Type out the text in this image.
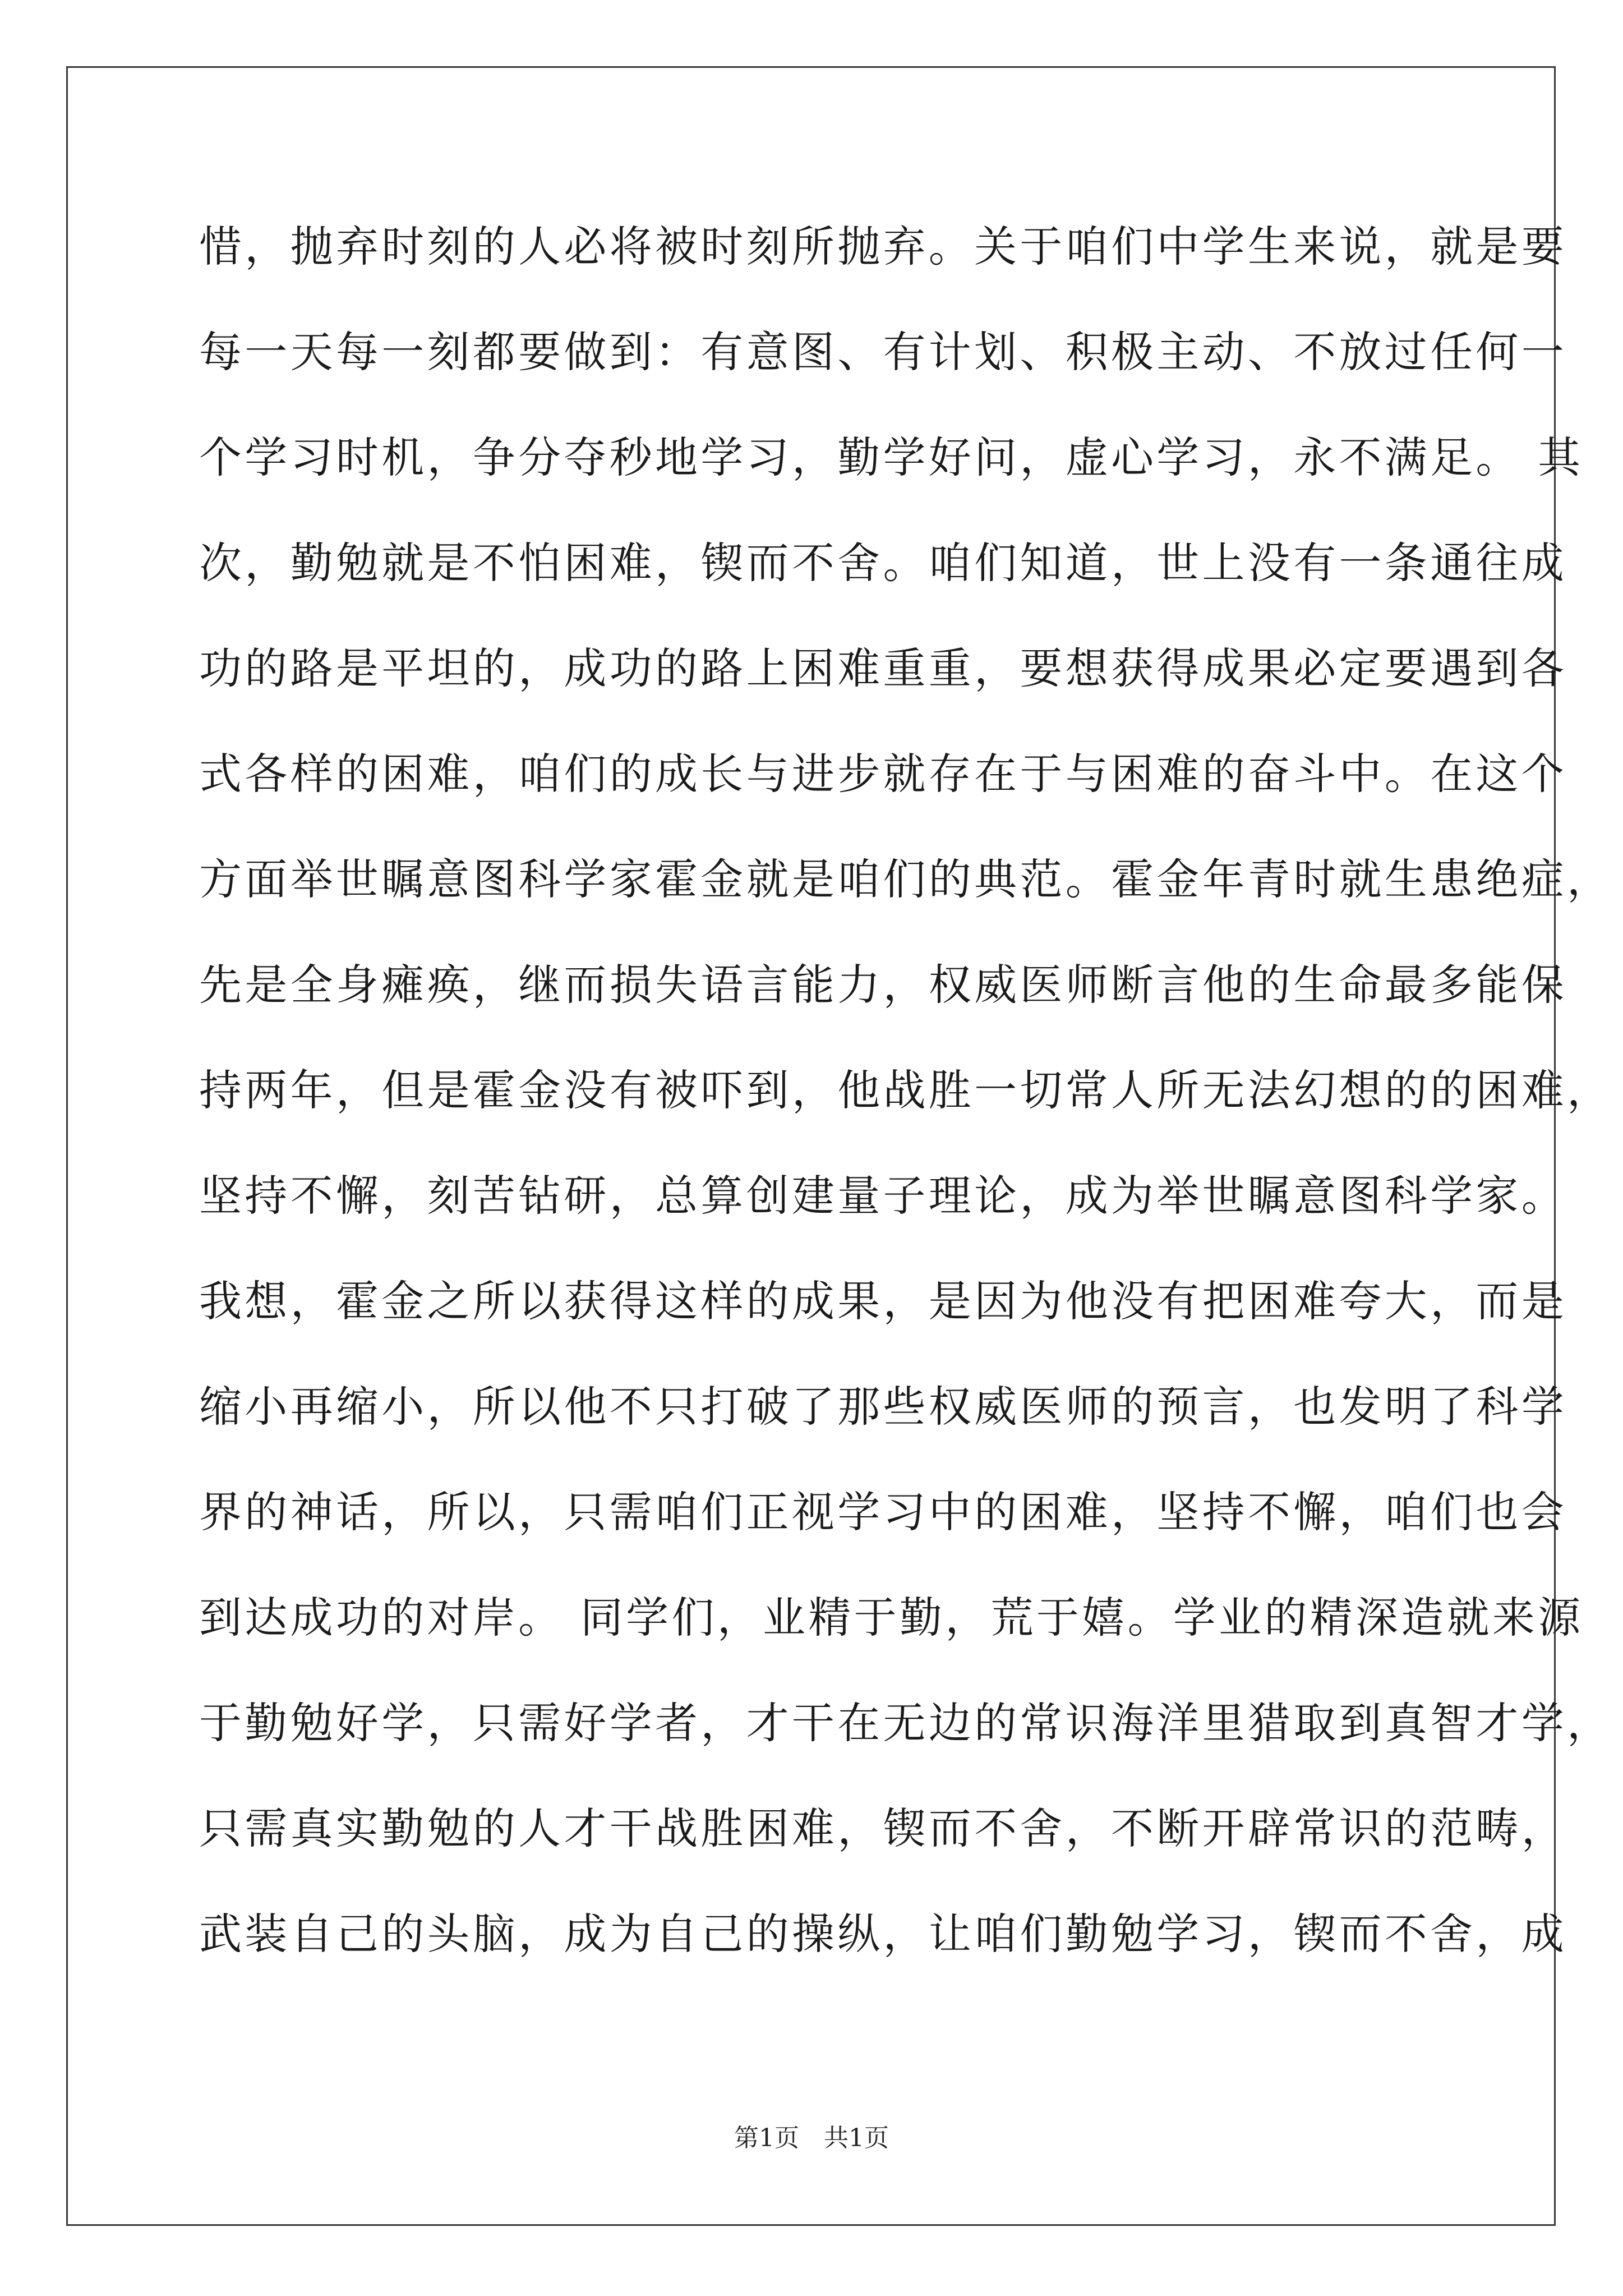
惜，抛弃时刻的人必将被时刻所抛弃。关于咱们中学生来说，就是要
每一天每一刻都要做到：有意图、有计划、积极主动、不放过任何一
个学习时机，争分夺秒地学习，勤学好问，虚心学习，永不满足。 其
次，勤勉就是不怕困难，锲而不舍。咱们知道，世上没有一条通往成
功的路是平坦的，成功的路上困难重重，要想获得成果必定要遇到各
式各样的困难，咱们的成长与进步就存在于与困难的奋斗中。在这个
方面举世瞩意图科学家霍金就是咱们的典范。霍金年青时就生患绝症，
先是全身瘫痪，继而损失语言能力，权威医师断言他的生命最多能保
持两年，但是霍金没有被吓到，他战胜一切常人所无法幻想的的困难，
坚持不懈，刻苦钻研，总算创建量子理论，成为举世瞩意图科学家。
我想，霍金之所以获得这样的成果，是因为他没有把困难夸大，而是
缩小再缩小，所以他不只打破了那些权威医师的预言，也发明了科学
界的神话，所以，只需咱们正视学习中的困难，坚持不懈，咱们也会
到达成功的对岸。 同学们，业精于勤，荒于嬉。学业的精深造就来源
于勤勉好学，只需好学者，才干在无边的常识海洋里猎取到真智才学，
只需真实勤勉的人才干战胜困难，锲而不舍，不断开辟常识的范畴，
武装自己的头脑，成为自己的操纵，让咱们勤勉学习，锲而不舍，成
第1页　共1页
